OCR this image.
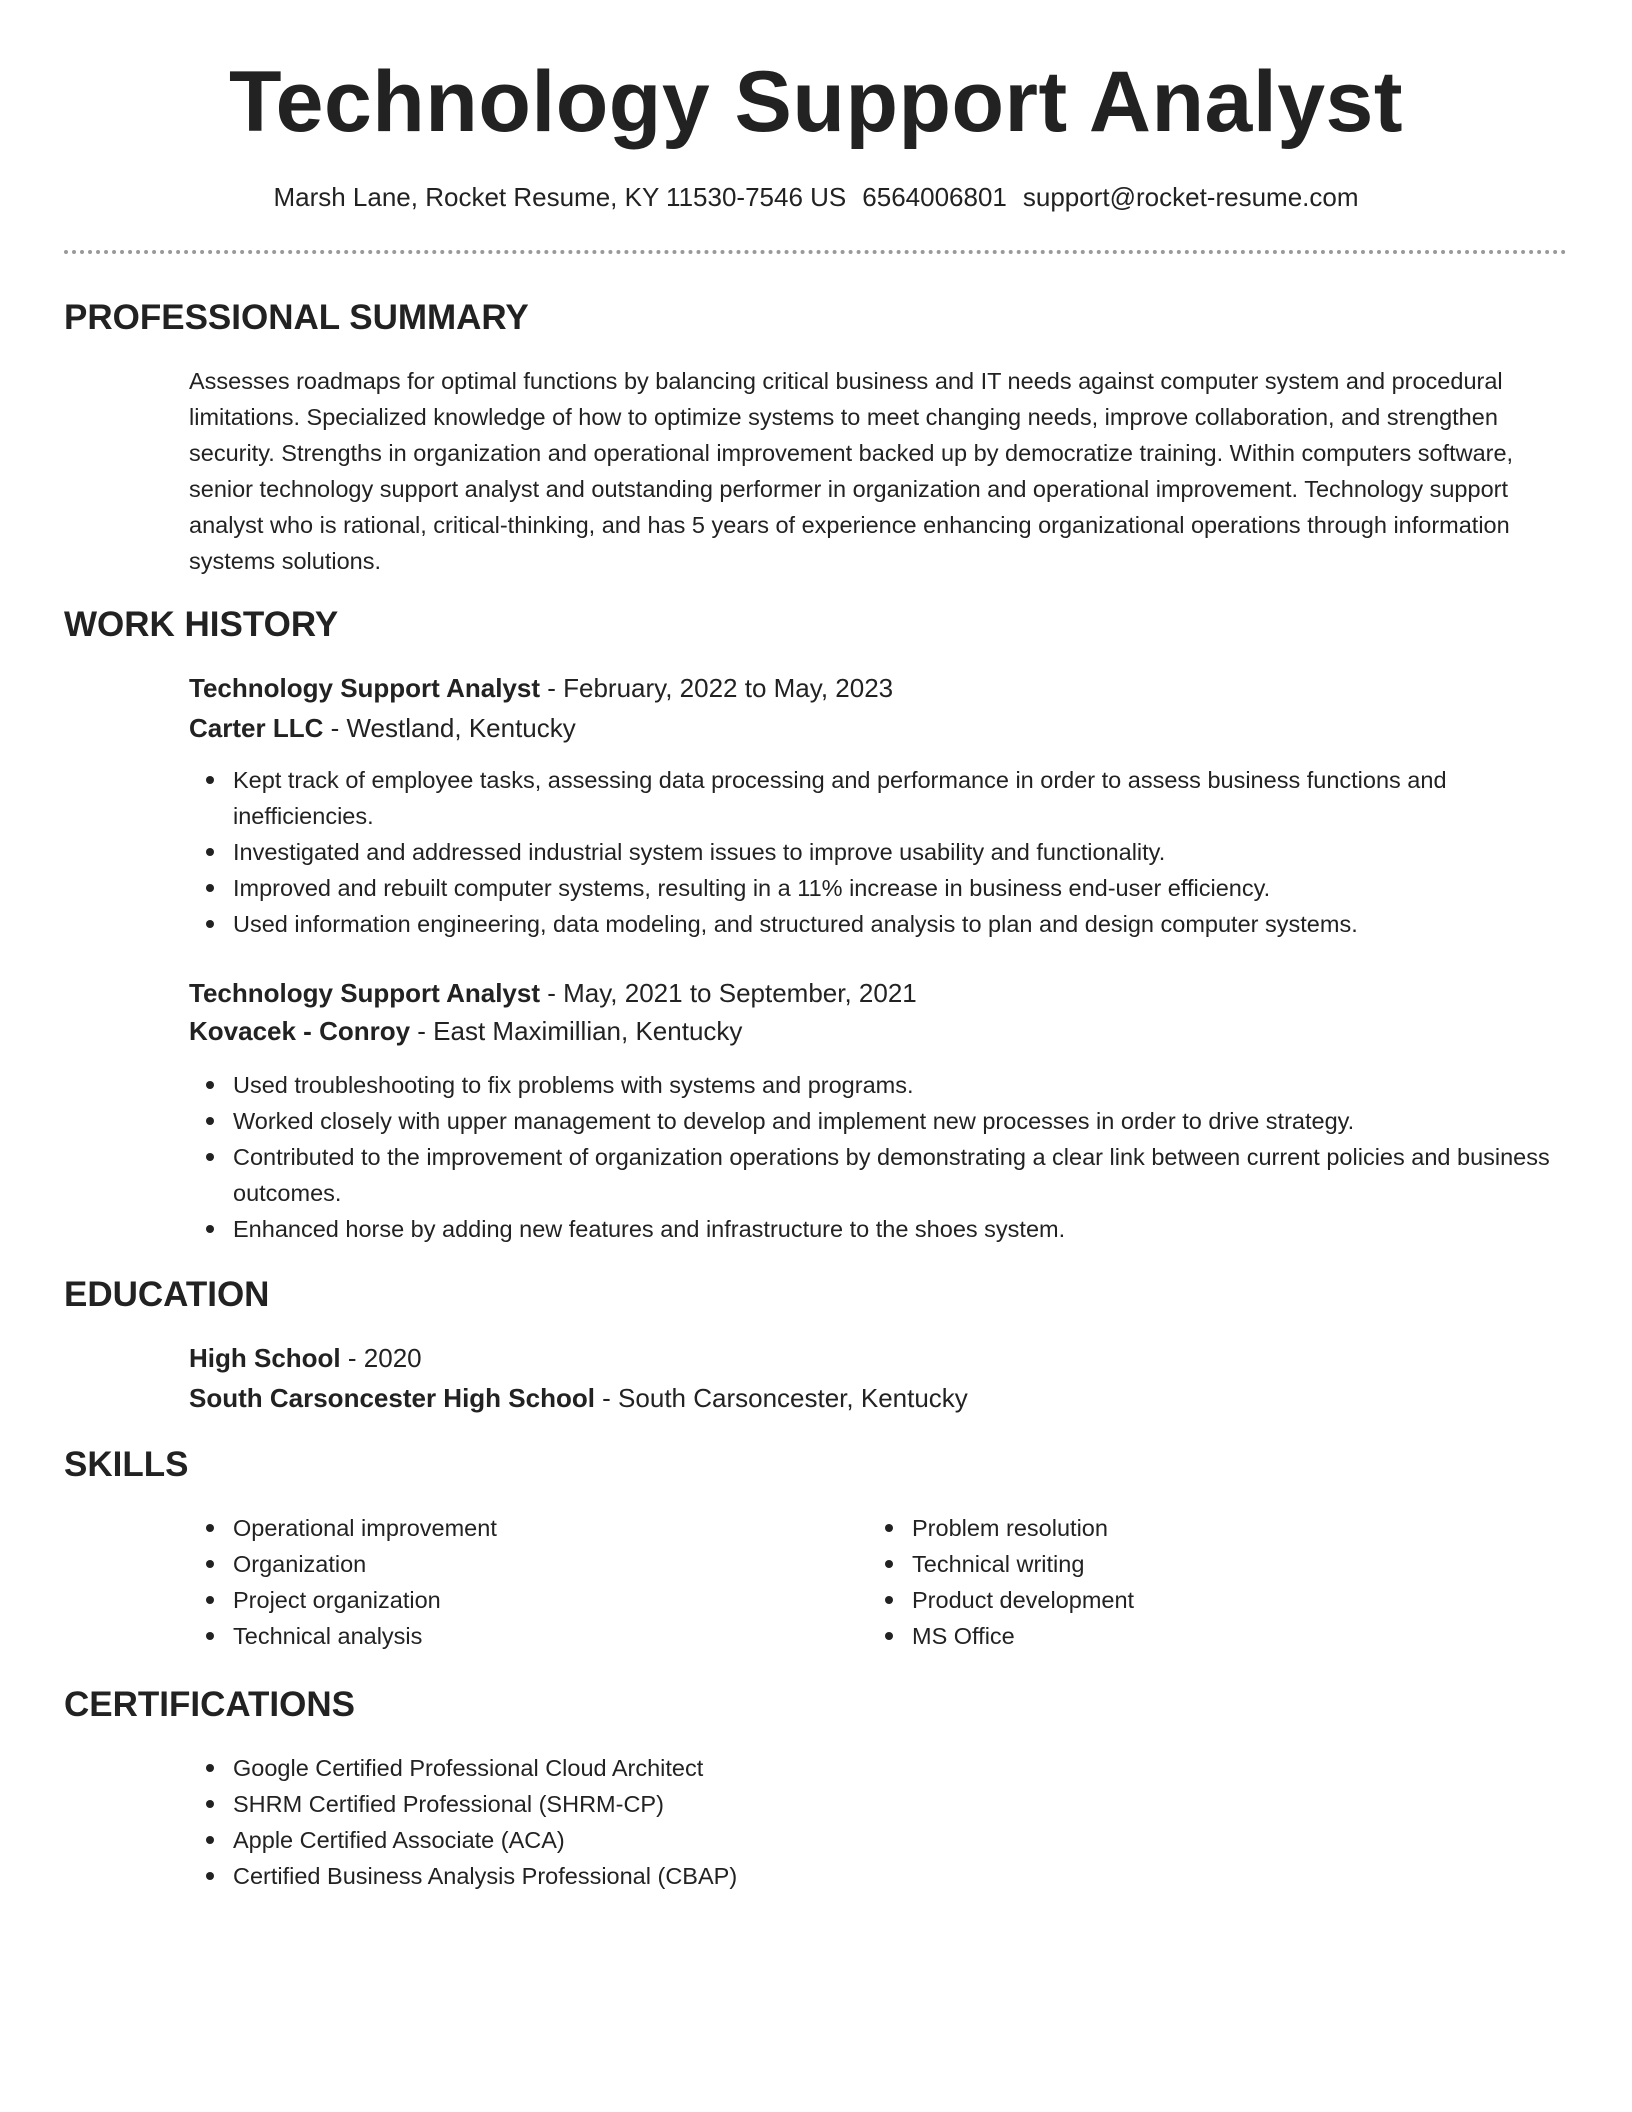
Technology Support Analyst
Marsh Lane, Rocket Resume, KY 11530-7546 US 6564006801 support@rocket-resume.com
PROFESSIONAL SUMMARY

Assesses roadmaps for optimal functions by balancing critical business and IT needs against computer system and procedural limitations. Specialized knowledge of how to optimize systems to meet changing needs, improve collaboration, and strengthen security. Strengths in organization and operational improvement backed up by democratize training. Within computers software, senior technology support analyst and outstanding performer in organization and operational improvement. Technology support analyst who is rational, critical-thinking, and has 5 years of experience enhancing organizational operations through information systems solutions.

WORK HISTORY
Technology Support Analyst - February, 2022 to May, 2023
Carter LLC - Westland, Kentucky
Kept track of employee tasks, assessing data processing and performance in order to assess business functions and inefficiencies.
Investigated and addressed industrial system issues to improve usability and functionality.
Improved and rebuilt computer systems, resulting in a 11% increase in business end-user efficiency.
Used information engineering, data modeling, and structured analysis to plan and design computer systems.
Technology Support Analyst - May, 2021 to September, 2021
Kovacek - Conroy - East Maximillian, Kentucky
Used troubleshooting to fix problems with systems and programs.
Worked closely with upper management to develop and implement new processes in order to drive strategy.
Contributed to the improvement of organization operations by demonstrating a clear link between current policies and business outcomes.
Enhanced horse by adding new features and infrastructure to the shoes system.
EDUCATION
High School - 2020
South Carsoncester High School - South Carsoncester, Kentucky
SKILLS
Operational improvement
Organization
Project organization
Technical analysis
Problem resolution
Technical writing
Product development
MS Office
CERTIFICATIONS
Google Certified Professional Cloud Architect
SHRM Certified Professional (SHRM-CP)
Apple Certified Associate (ACA)
Certified Business Analysis Professional (CBAP)
